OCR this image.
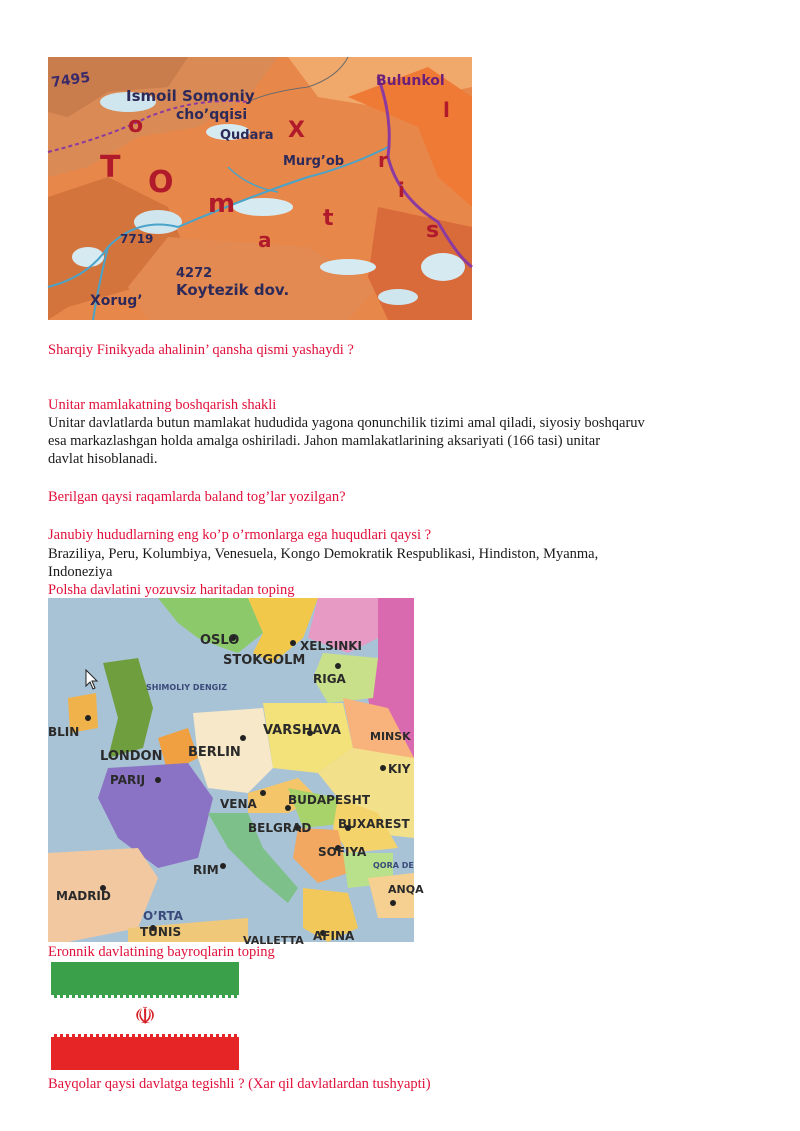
7495
Ismoil Somoniy
cho’qqisi
Qudara
Murg’ob
Bulunkol
T O
X
r
i
m
o
t	s
l
a
7719
Xorug’
Koytezik dov.
4272
Sharqiy Finikyada ahalinin’ qansha qismi yashaydi ?
Unitar mamlakatning boshqarish shakli
Unitar davlatlarda butun mamlakat hududida yagona qonunchilik tizimi amal qiladi, siyosiy boshqaruv
esa markazlashgan holda amalga oshiriladi. Jahon mamlakatlarining aksariyati (166 tasi) unitar
davlat hisoblanadi.
Berilgan qaysi raqamlarda baland tog’lar yozilgan?
Janubiy hududlarning eng ko’p o’rmonlarga ega huqudlari qaysi ?
Braziliya, Peru, Kolumbiya, Venesuela, Kongo Demokratik Respublikasi, Hindiston, Myanma,
Indoneziya
Polsha davlatini yozuvsiz haritadan toping
OSLO	XELSINKI
STOKGOLM
RIGA
SHIMOLIY DENGIZ
VARSHAVA	MINSK
BLIN
LONDON BERLIN
PARIJ
KIY
VENA	BUDAPESHT
BELGRAD BUXAREST
SOFIYA
QORA DE
RIM
ANQA
MADRID
O’RTA
TUNIS	AFINA
VALLETTA
Eronnik davlatining bayroqlarin toping
☫
Bayqolar qaysi davlatga tegishli ? (Xar qil davlatlardan tushyapti)
